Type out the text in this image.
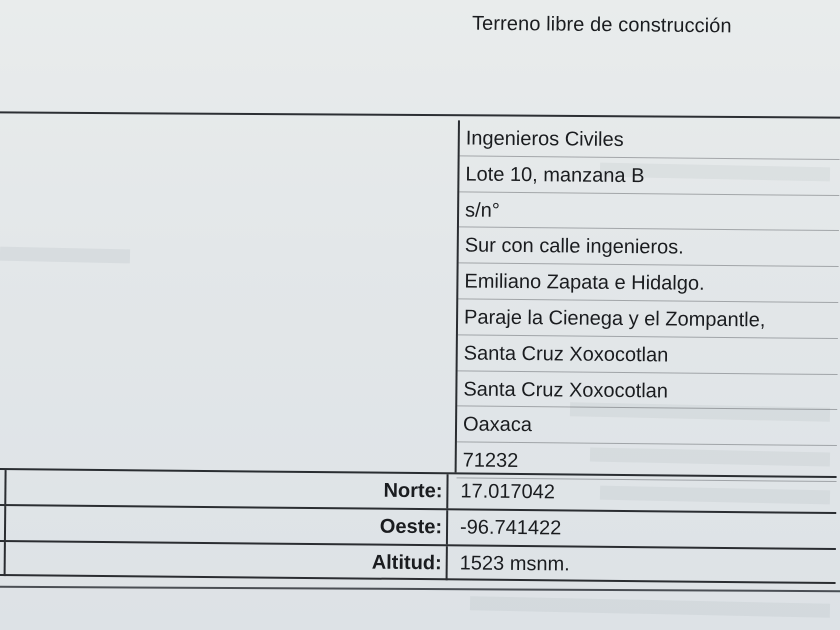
Terreno libre de construcción
Ingenieros Civiles
Lote 10, manzana B
s/n°
Sur con calle ingenieros.
Emiliano Zapata e Hidalgo.
Paraje la Cienega y el Zompantle,
Santa Cruz Xoxocotlan
Santa Cruz Xoxocotlan
Oaxaca
71232
Norte: 17.017042
Oeste: -96.741422
Altitud: 1523 msnm.
